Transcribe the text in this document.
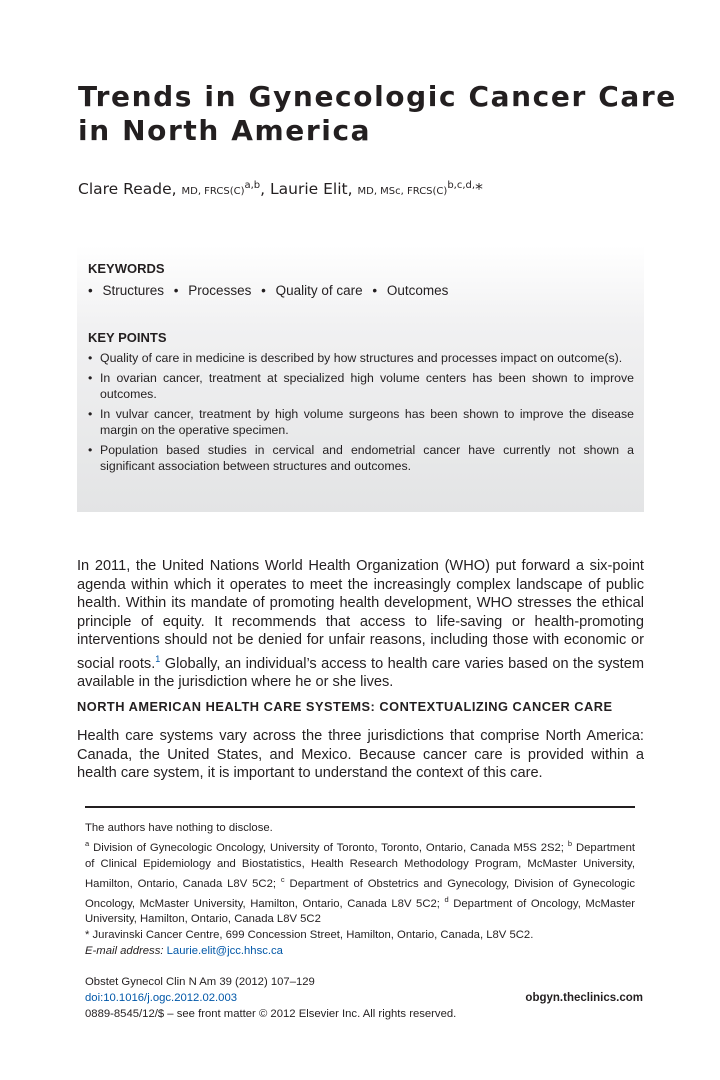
Trends in Gynecologic Cancer Care
in North America
Clare Reade, MD, $FRCS(C)^{a,b}$, Laurie Elit, MD, MSc, $FRCS(C)^{b,c,d,}*$
KEYWORDS
• Structures • Processes • Quality of care • Outcomes
KEY POINTS
• Quality of care in medicine is described by how structures and processes impact on outcome(s).
• In ovarian cancer, treatment at specialized high volume centers has been shown to improve outcomes.
• In vulvar cancer, treatment by high volume surgeons has been shown to improve the disease margin on the operative specimen.
• Population based studies in cervical and endometrial cancer have currently not shown a significant association between structures and outcomes.
In 2011, the United Nations World Health Organization (WHO) put forward a six-point agenda within which it operates to meet the increasingly complex landscape of public health. Within its mandate of promoting health development, WHO stresses the ethical principle of equity. It recommends that access to life-saving or health-promoting interventions should not be denied for unfair reasons, including those with economic or social roots.$^1$ Globally, an individual’s access to health care varies based on the system available in the jurisdiction where he or she lives.
NORTH AMERICAN HEALTH CARE SYSTEMS: CONTEXTUALIZING CANCER CARE
Health care systems vary across the three jurisdictions that comprise North America: Canada, the United States, and Mexico. Because cancer care is provided within a health care system, it is important to understand the context of this care.

The authors have nothing to disclose.

$^a$ Division of Gynecologic Oncology, University of Toronto, Toronto, Ontario, Canada M5S 2S2; $^b$ Department of Clinical Epidemiology and Biostatistics, Health Research Methodology Program, McMaster University, Hamilton, Ontario, Canada L8V 5C2; $^c$ Department of Obstetrics and Gynecology, Division of Gynecologic Oncology, McMaster University, Hamilton, Ontario, Canada L8V 5C2; $^d$ Department of Oncology, McMaster University, Hamilton, Ontario, Canada L8V 5C2

* Juravinski Cancer Centre, 699 Concession Street, Hamilton, Ontario, Canada, L8V 5C2.

E-mail address: Laurie.elit@jcc.hhsc.ca

Obstet Gynecol Clin N Am 39 (2012) 107–129
doi:10.1016/j.ogc.2012.02.003
0889-8545/12/$ – see front matter © 2012 Elsevier Inc. All rights reserved.
obgyn.theclinics.com
